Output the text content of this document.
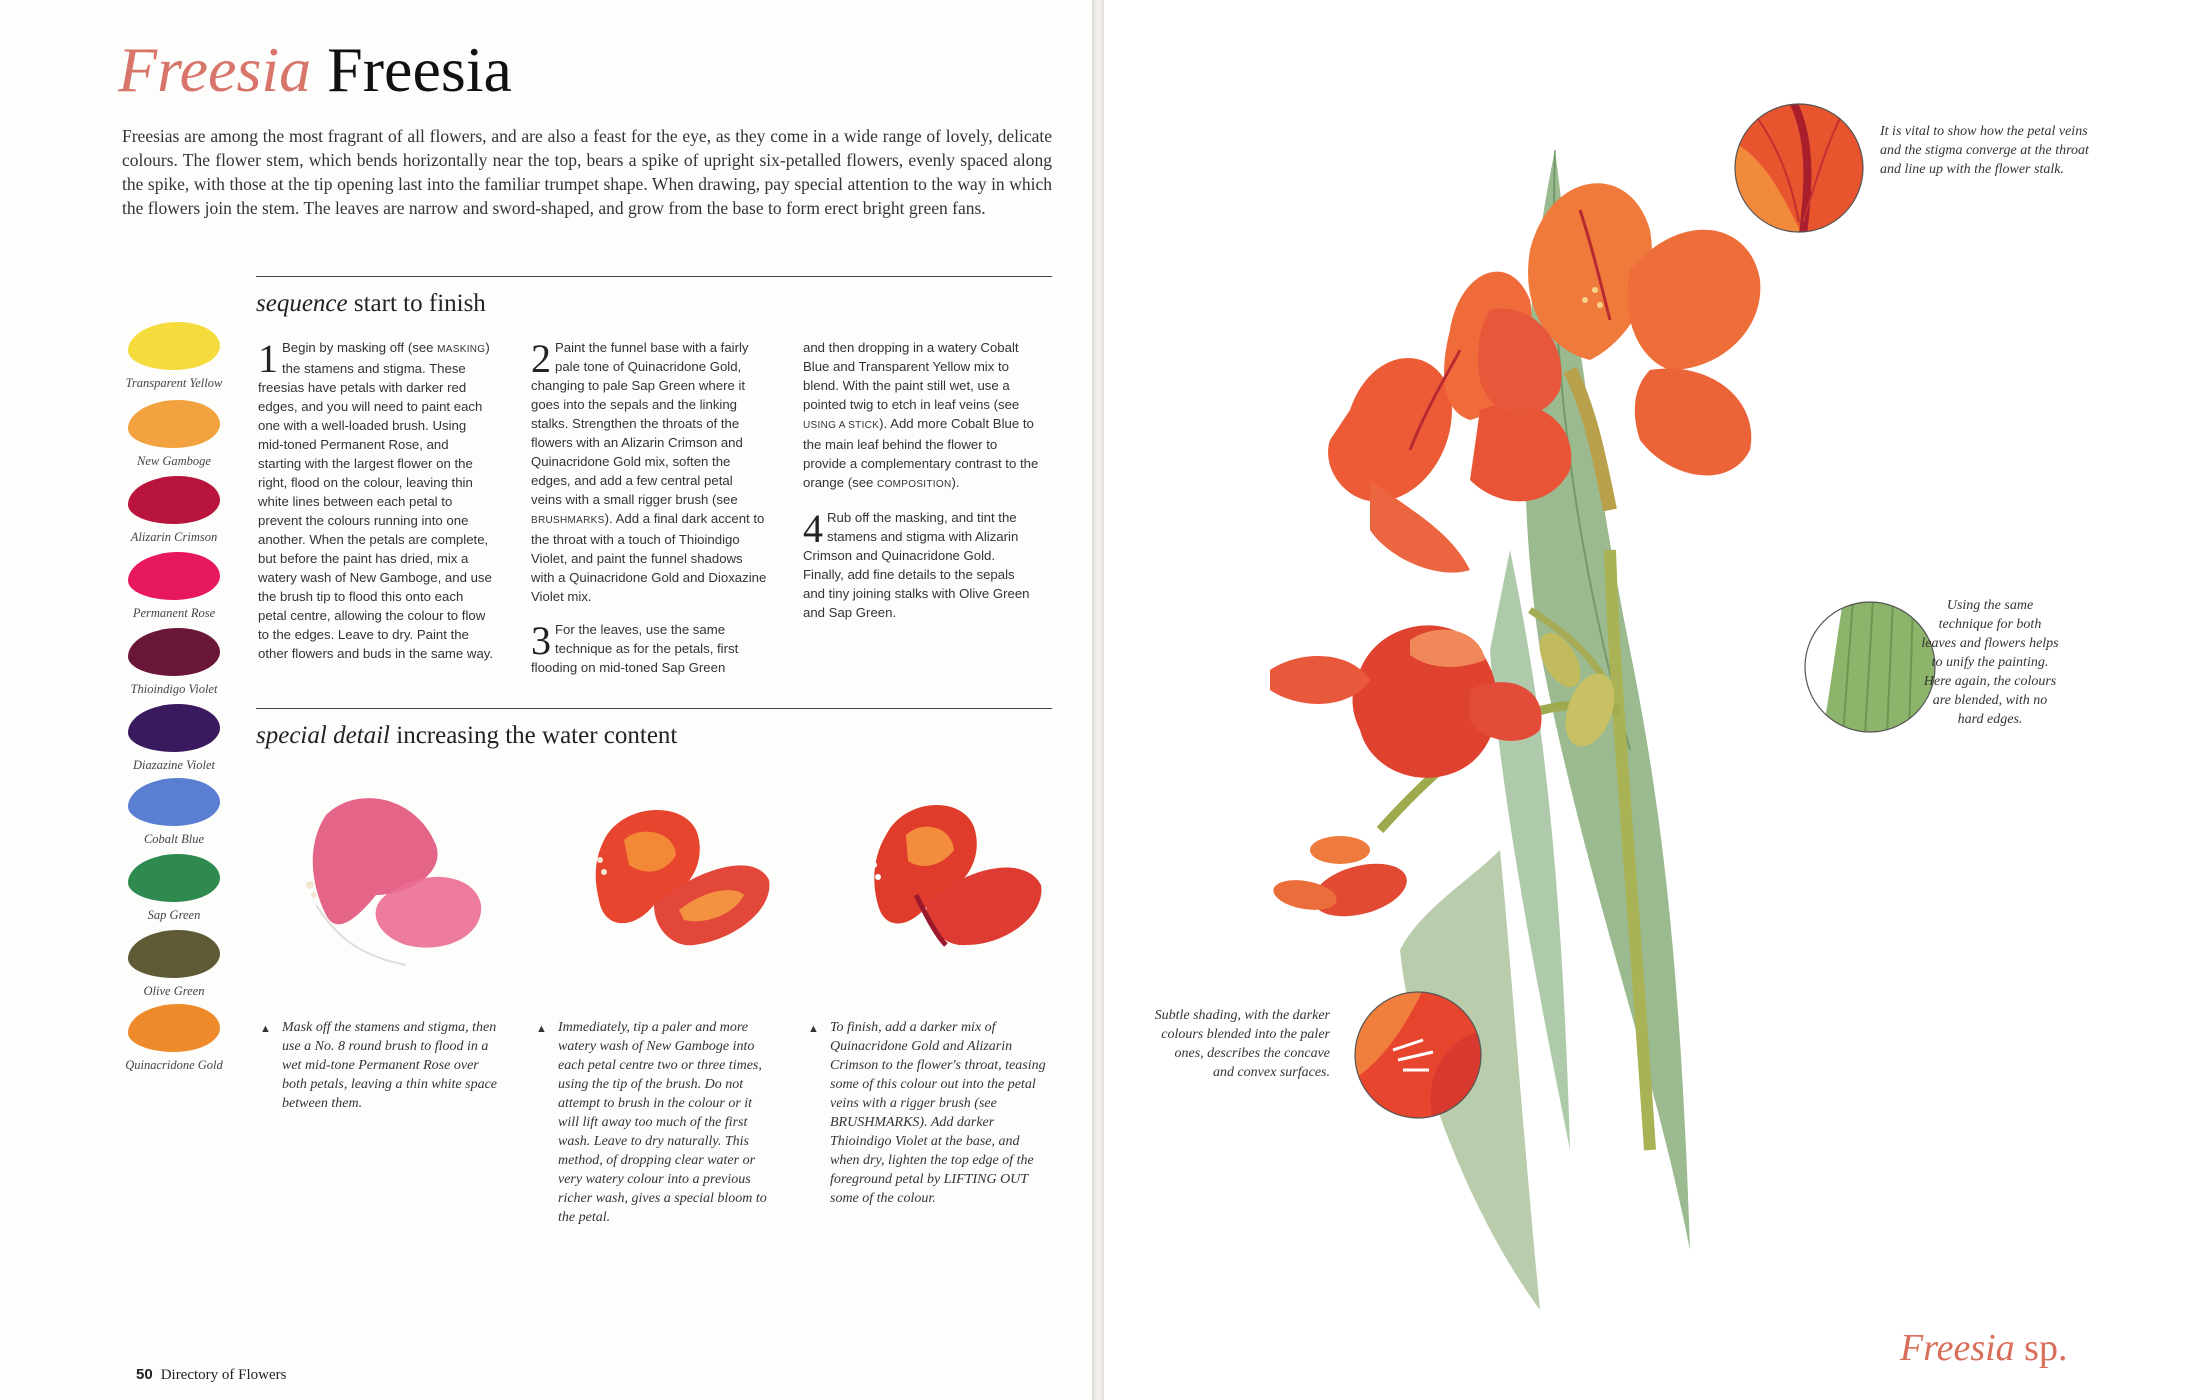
Freesia Freesia
Freesias are among the most fragrant of all flowers, and are also a feast for the eye, as they come in a wide range of lovely, delicate colours. The flower stem, which bends horizontally near the top, bears a spike of upright six-petalled flowers, evenly spaced along the spike, with those at the tip opening last into the familiar trumpet shape. When drawing, pay special attention to the way in which the flowers join the stem. The leaves are narrow and sword-shaped, and grow from the base to form erect bright green fans.
sequence start to finish
1 Begin by masking off (see MASKING) the stamens and stigma. These freesias have petals with darker red edges, and you will need to paint each one with a well-loaded brush. Using mid-toned Permanent Rose, and starting with the largest flower on the right, flood on the colour, leaving thin white lines between each petal to prevent the colours running into one another. When the petals are complete, but before the paint has dried, mix a watery wash of New Gamboge, and use the brush tip to flood this onto each petal centre, allowing the colour to flow to the edges. Leave to dry. Paint the other flowers and buds in the same way.
2 Paint the funnel base with a fairly pale tone of Quinacridone Gold, changing to pale Sap Green where it goes into the sepals and the linking stalks. Strengthen the throats of the flowers with an Alizarin Crimson and Quinacridone Gold mix, soften the edges, and add a few central petal veins with a small rigger brush (see BRUSHMARKS). Add a final dark accent to the throat with a touch of Thioindigo Violet, and paint the funnel shadows with a Quinacridone Gold and Dioxazine Violet mix.
3 For the leaves, use the same technique as for the petals, first flooding on mid-toned Sap Green
and then dropping in a watery Cobalt Blue and Transparent Yellow mix to blend. With the paint still wet, use a pointed twig to etch in leaf veins (see USING A STICK). Add more Cobalt Blue to the main leaf behind the flower to provide a complementary contrast to the orange (see COMPOSITION).
4 Rub off the masking, and tint the stamens and stigma with Alizarin Crimson and Quinacridone Gold. Finally, add fine details to the sepals and tiny joining stalks with Olive Green and Sap Green.
Transparent Yellow
New Gamboge
Alizarin Crimson
Permanent Rose
Thioindigo Violet
Diazazine Violet
Cobalt Blue
Sap Green
Olive Green
Quinacridone Gold
special detail increasing the water content
▲ Mask off the stamens and stigma, then use a No. 8 round brush to flood in a wet mid-tone Permanent Rose over both petals, leaving a thin white space between them.
▲ Immediately, tip a paler and more watery wash of New Gamboge into each petal centre two or three times, using the tip of the brush. Do not attempt to brush in the colour or it will lift away too much of the first wash. Leave to dry naturally. This method, of dropping clear water or very watery colour into a previous richer wash, gives a special bloom to the petal.
▲ To finish, add a darker mix of Quinacridone Gold and Alizarin Crimson to the flower's throat, teasing some of this colour out into the petal veins with a rigger brush (see BRUSHMARKS). Add darker Thioindigo Violet at the base, and when dry, lighten the top edge of the foreground petal by LIFTING OUT some of the colour.
50 Directory of Flowers
It is vital to show how the petal veins and the stigma converge at the throat and line up with the flower stalk.
Using the same technique for both leaves and flowers helps to unify the painting. Here again, the colours are blended, with no hard edges.
Subtle shading, with the darker colours blended into the paler ones, describes the concave and convex surfaces.
Freesia sp.
